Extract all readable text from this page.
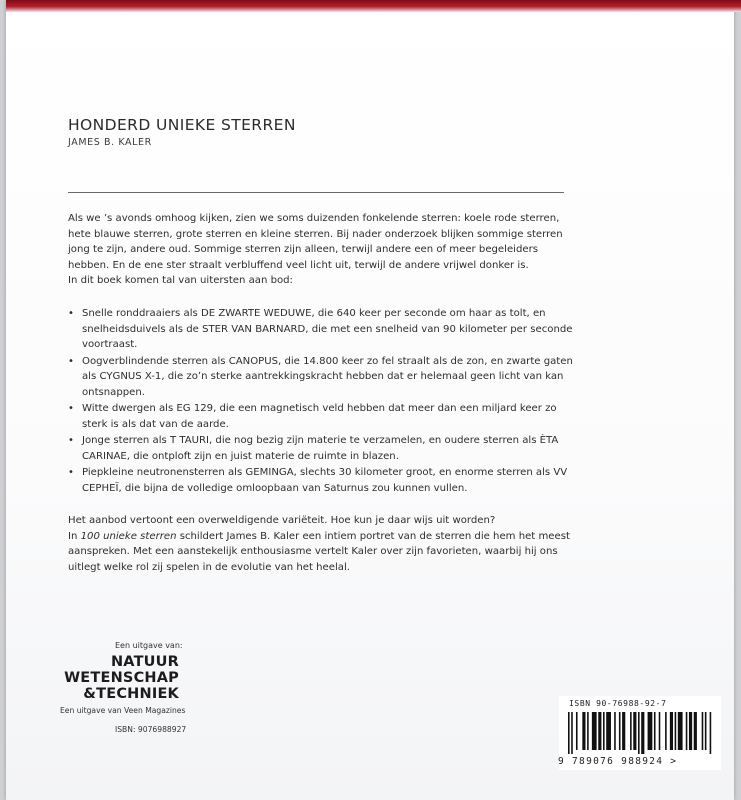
HONDERD UNIEKE STERREN
JAMES B. KALER

Als we ’s avonds omhoog kijken, zien we soms duizenden fonkelende sterren: koele rode sterren, hete blauwe sterren, grote sterren en kleine sterren. Bij nader onderzoek blijken sommige sterren jong te zijn, andere oud. Sommige sterren zijn alleen, terwijl andere een of meer begeleiders hebben. En de ene ster straalt verbluffend veel licht uit, terwijl de andere vrijwel donker is.

In dit boek komen tal van uitersten aan bod:

• Snelle ronddraaiers als DE ZWARTE WEDUWE, die 640 keer per seconde om haar as tolt, en snelheidsduivels als de STER VAN BARNARD, die met een snelheid van 90 kilometer per seconde voortraast.
• Oogverblindende sterren als CANOPUS, die 14.800 keer zo fel straalt als de zon, en zwarte gaten als CYGNUS X-1, die zo’n sterke aantrekkingskracht hebben dat er helemaal geen licht van kan ontsnappen.
• Witte dwergen als EG 129, die een magnetisch veld hebben dat meer dan een miljard keer zo sterk is als dat van de aarde.
• Jonge sterren als T TAURI, die nog bezig zijn materie te verzamelen, en oudere sterren als ÈTA CARINAE, die ontploft zijn en juist materie de ruimte in blazen.
• Piepkleine neutronensterren als GEMINGA, slechts 30 kilometer groot, en enorme sterren als VV CEPHEÏ, die bijna de volledige omloopbaan van Saturnus zou kunnen vullen.

Het aanbod vertoont een overweldigende variëteit. Hoe kun je daar wijs uit worden?

In 100 unieke sterren schildert James B. Kaler een intiem portret van de sterren die hem het meest aanspreken. Met een aanstekelijk enthousiasme vertelt Kaler over zijn favorieten, waarbij hij ons uitlegt welke rol zij spelen in de evolutie van het heelal.

Een uitgave van:
NATUUR
WETENSCHAP
&TECHNIEK
Een uitgave van Veen Magazines
ISBN: 9076988927
ISBN 90-76988-92-7
9 789076 988924 >
